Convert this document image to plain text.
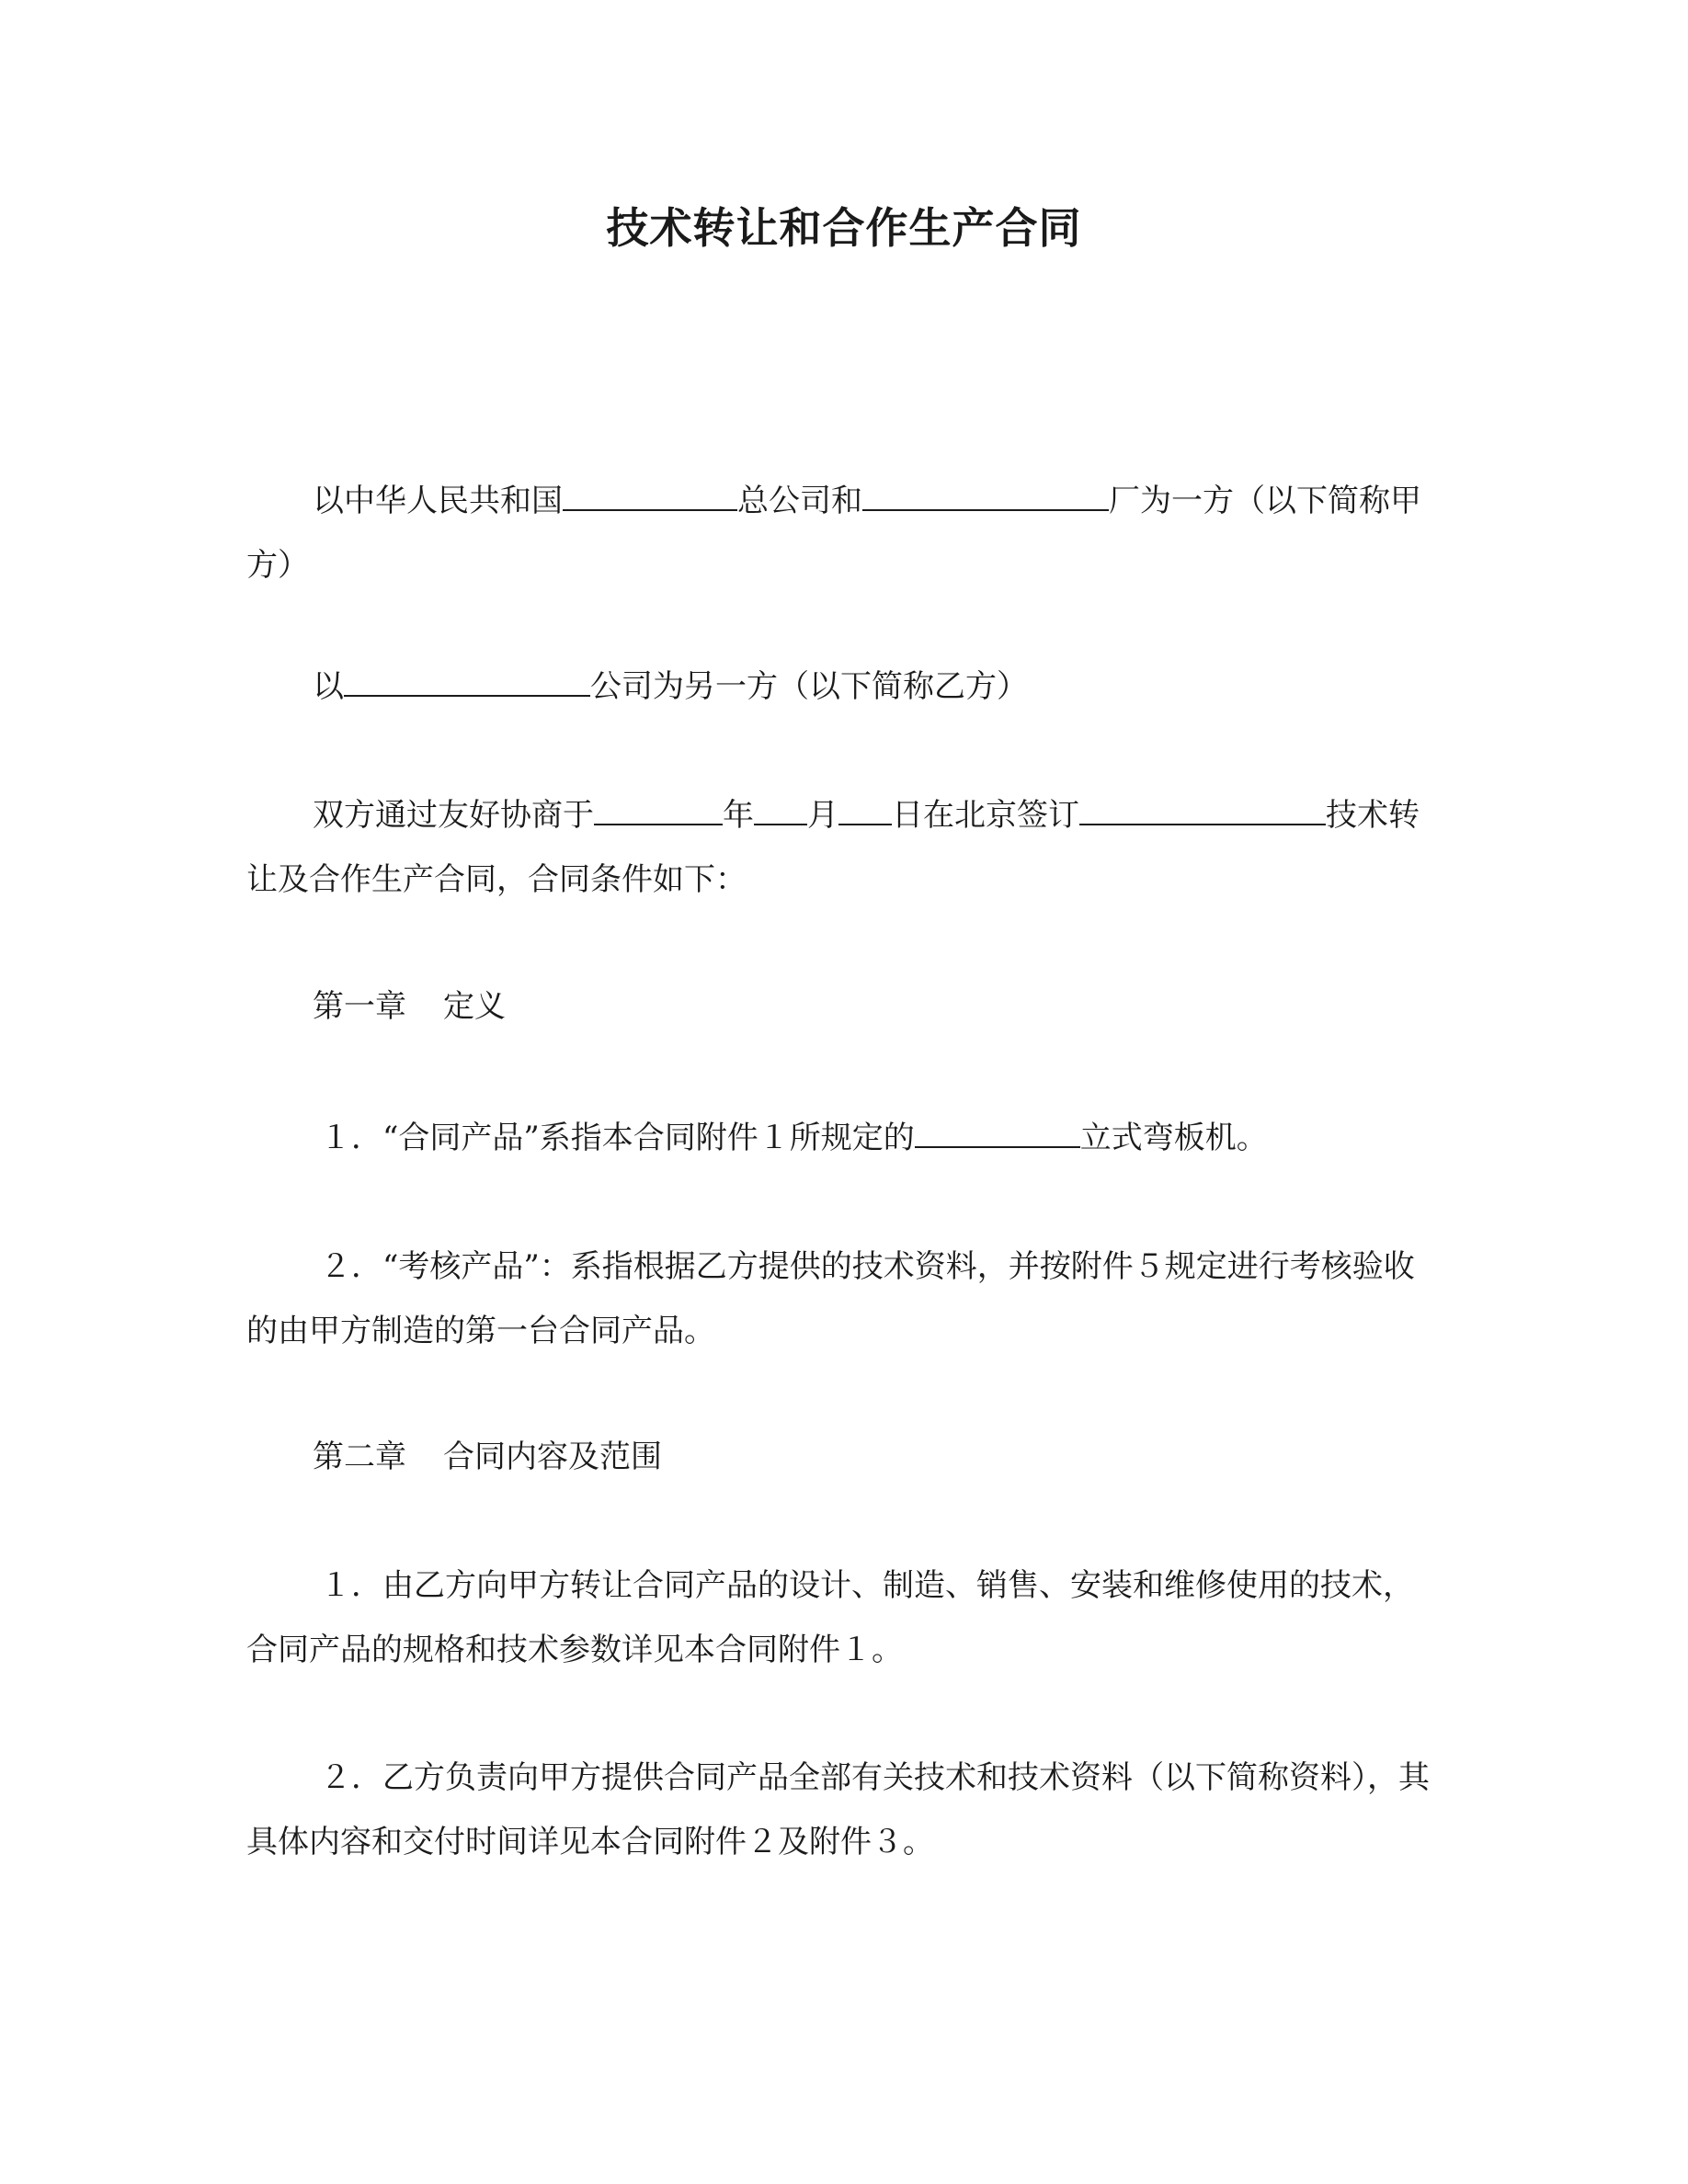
技术转让和合作生产合同

以中华人民共和国	总公司和	厂为一方（以下简称甲方）

以	公司为另一方（以下简称乙方）

双方通过友好协商于	年 月 日在北京签订	技术转让及合作生产合同，合同条件如下：

第一章 定义

１．“合同产品”系指本合同附件１所规定的	立式弯板机。

２．“考核产品”：系指根据乙方提供的技术资料，并按附件５规定进行考核验收的由甲方制造的第一台合同产品。

第二章 合同内容及范围

１．由乙方向甲方转让合同产品的设计、制造、销售、安装和维修使用的技术，合同产品的规格和技术参数详见本合同附件１。

２．乙方负责向甲方提供合同产品全部有关技术和技术资料（以下简称资料），其具体内容和交付时间详见本合同附件２及附件３。
